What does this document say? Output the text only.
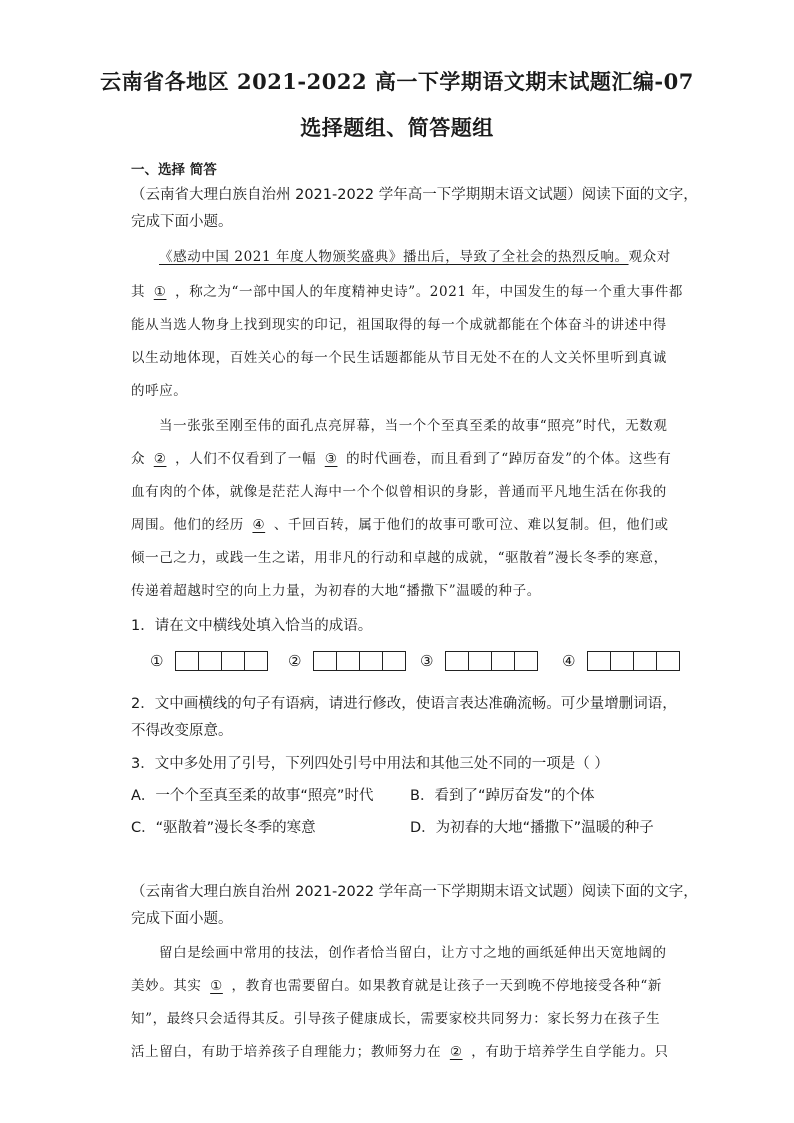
云南省各地区 2021-2022 高一下学期语文期末试题汇编-07
选择题组、简答题组
一、选择 简答
（云南省大理白族自治州 2021-2022 学年高一下学期期末语文试题）阅读下面的文字，
完成下面小题。
《感动中国 2021 年度人物颁奖盛典》播出后，导致了全社会的热烈反响。观众对
其 ① ，称之为“一部中国人的年度精神史诗”。2021 年，中国发生的每一个重大事件都
能从当选人物身上找到现实的印记，祖国取得的每一个成就都能在个体奋斗的讲述中得
以生动地体现，百姓关心的每一个民生话题都能从节目无处不在的人文关怀里听到真诚
的呼应。
当一张张至刚至伟的面孔点亮屏幕，当一个个至真至柔的故事“照亮”时代，无数观
众 ② ，人们不仅看到了一幅 ③ 的时代画卷，而且看到了“踔厉奋发”的个体。这些有
血有肉的个体，就像是茫茫人海中一个个似曾相识的身影，普通而平凡地生活在你我的
周围。他们的经历 ④ 、千回百转，属于他们的故事可歌可泣、难以复制。但，他们或
倾一己之力，或践一生之诺，用非凡的行动和卓越的成就，“驱散着”漫长冬季的寒意，
传递着超越时空的向上力量，为初春的大地“播撒下”温暖的种子。
1．请在文中横线处填入恰当的成语。
①	②	③	④
2．文中画横线的句子有语病，请进行修改，使语言表达准确流畅。可少量增删词语，
不得改变原意。
3．文中多处用了引号，下列四处引号中用法和其他三处不同的一项是（ ）
A．一个个至真至柔的故事“照亮”时代	B．看到了“踔厉奋发”的个体
C．“驱散着”漫长冬季的寒意	D．为初春的大地“播撒下”温暖的种子
（云南省大理白族自治州 2021-2022 学年高一下学期期末语文试题）阅读下面的文字，
完成下面小题。
留白是绘画中常用的技法，创作者恰当留白，让方寸之地的画纸延伸出天宽地阔的
美妙。其实 ① ，教育也需要留白。如果教育就是让孩子一天到晚不停地接受各种“新
知”，最终只会适得其反。引导孩子健康成长，需要家校共同努力：家长努力在孩子生
活上留白，有助于培养孩子自理能力；教师努力在 ② ，有助于培养学生自学能力。只
